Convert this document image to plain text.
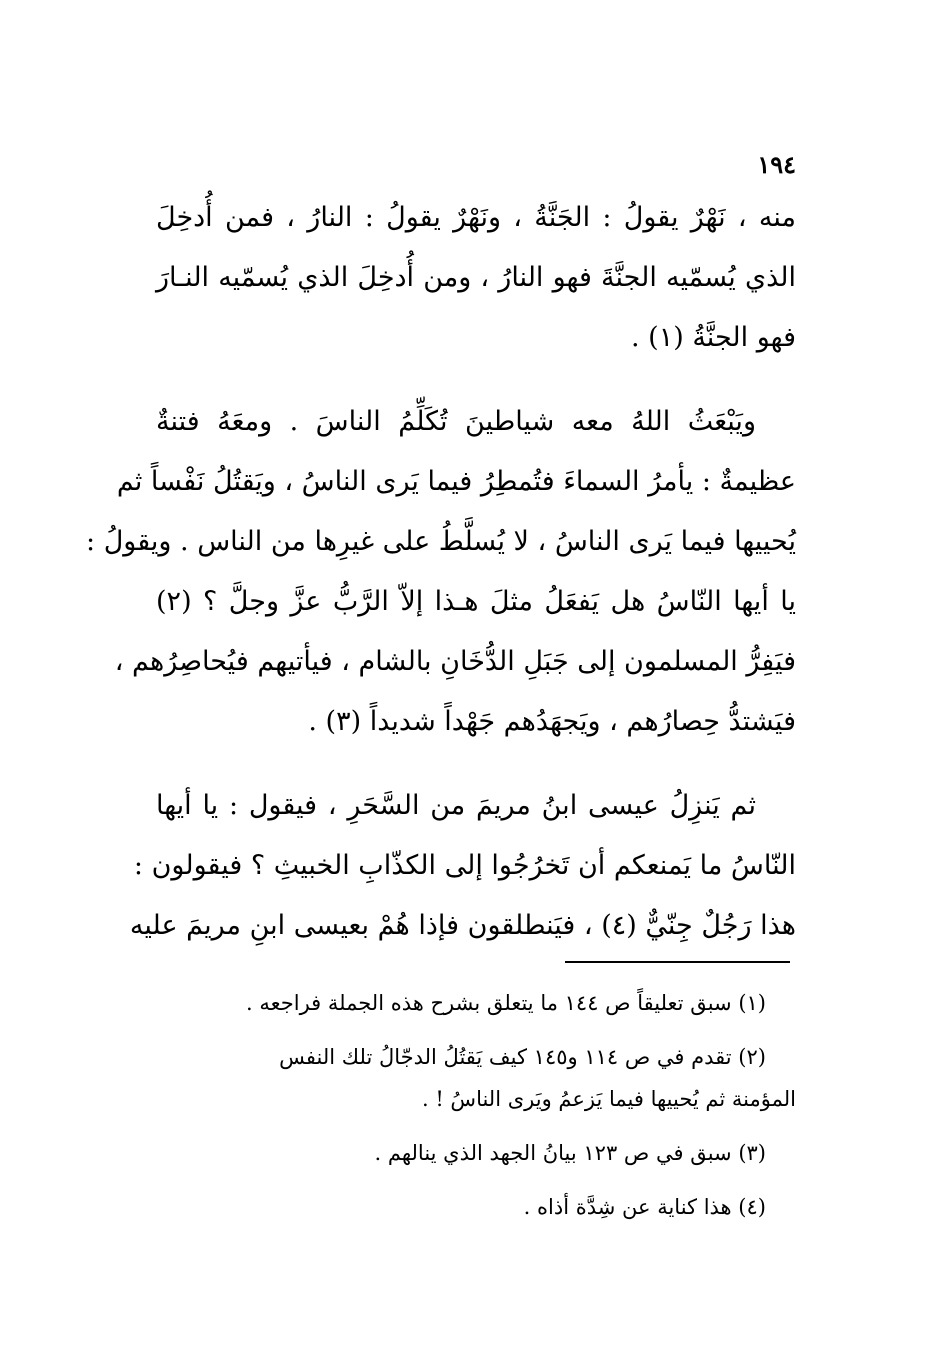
١٩٤
منه ، نَهْرٌ يقولُ : الجَنَّةُ ، ونَهْرٌ يقولُ : النارُ ، فمن أُدخِلَ
الذي يُسمّيه الجنَّةَ فهو النارُ ، ومن أُدخِلَ الذي يُسمّيه النـارَ
فهو الجنَّةُ (١) .
ويَبْعَثُ اللهُ معه شياطينَ تُكَلِّمُ الناسَ . ومعَهُ فتنةٌ
عظيمةٌ : يأمرُ السماءَ فتُمطِرُ فيما يَرى الناسُ ، ويَقتُلُ نَفْساً ثم
يُحييها فيما يَرى الناسُ ، لا يُسلَّطُ على غيرِها من الناس . ويقولُ :
يا أيها النّاسُ هل يَفعَلُ مثلَ هـذا إلاّ الرَّبُّ عزَّ وجلَّ ؟ (٢)
فيَفِرُّ المسلمون إلى جَبَلِ الدُّخَانِ بالشام ، فيأتيهم فيُحاصِرُهم ،
فيَشتدُّ حِصارُهم ، ويَجهَدُهم جَهْداً شديداً (٣) .
ثم يَنزِلُ عيسى ابنُ مريمَ من السَّحَرِ ، فيقول : يا أيها
النّاسُ ما يَمنعكم أن تَخرُجُوا إلى الكذّابِ الخبيثِ ؟ فيقولون :
هذا رَجُلٌ جِنّيٌّ (٤) ، فيَنطلقون فإذا هُمْ بعيسى ابنِ مريمَ عليه
(١) سبق تعليقاً ص ١٤٤ ما يتعلق بشرح هذه الجملة فراجعه .
(٢) تقدم في ص ١١٤ و١٤٥ كيف يَقتُلُ الدجّالُ تلك النفس
المؤمنة ثم يُحييها فيما يَزعمُ ويَرى الناسُ ! .
(٣) سبق في ص ١٢٣ بيانُ الجهد الذي ينالهم .
(٤) هذا كناية عن شِدَّة أذاه .
